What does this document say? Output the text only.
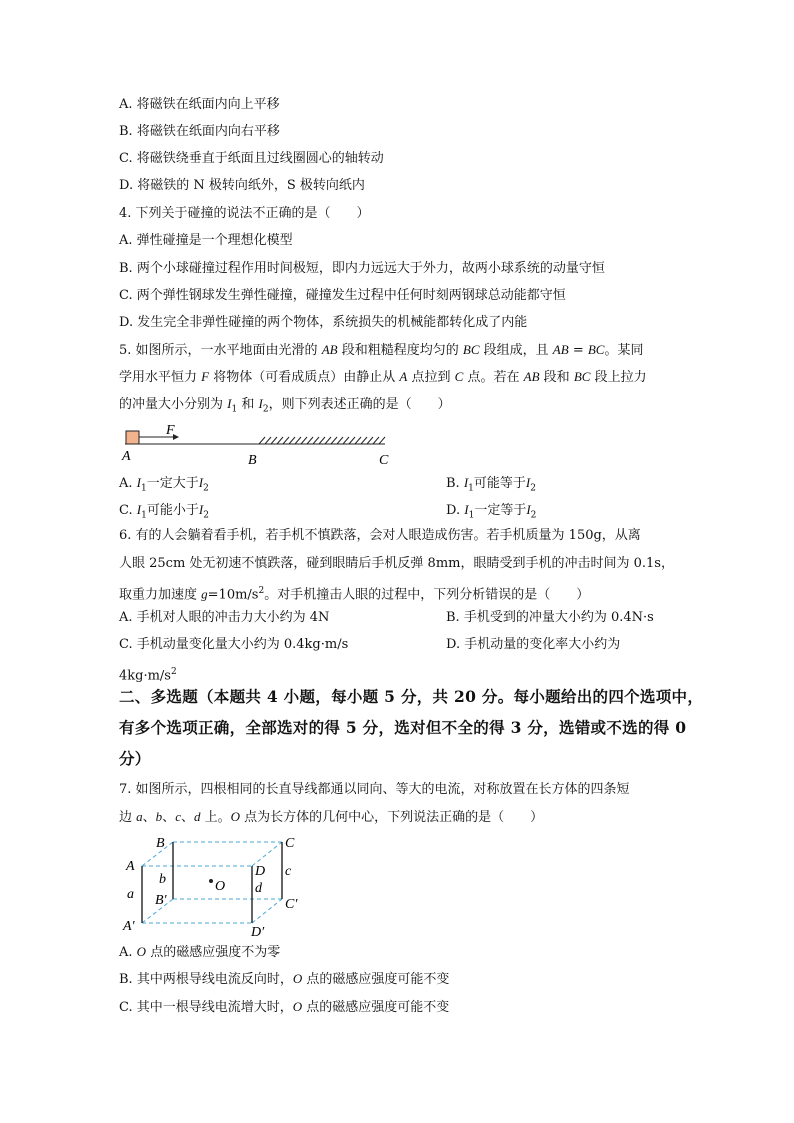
A. 将磁铁在纸面内向上平移
B. 将磁铁在纸面内向右平移
C. 将磁铁绕垂直于纸面且过线圈圆心的轴转动
D. 将磁铁的 N 极转向纸外，S 极转向纸内
4. 下列关于碰撞的说法不正确的是（　　）
A. 弹性碰撞是一个理想化模型
B. 两个小球碰撞过程作用时间极短，即内力远远大于外力，故两小球系统的动量守恒
C. 两个弹性钢球发生弹性碰撞，碰撞发生过程中任何时刻两钢球总动能都守恒
D. 发生完全非弹性碰撞的两个物体，系统损失的机械能都转化成了内能
5. 如图所示，一水平地面由光滑的 AB 段和粗糙程度均匀的 BC 段组成，且 AB = BC。某同
学用水平恒力 F 将物体（可看成质点）由静止从 A 点拉到 C 点。若在 AB 段和 BC 段上拉力
的冲量大小分别为 $I_1$ 和 $I_2$，则下列表述正确的是（　　）
F
A	B	C
A. $I_1$一定大于$I_2$	B. $I_1$可能等于$I_2$
C. $I_1$可能小于$I_2$	D. $I_1$一定等于$I_2$
6. 有的人会躺着看手机，若手机不慎跌落，会对人眼造成伤害。若手机质量为 150g，从离
人眼 25cm 处无初速不慎跌落，碰到眼睛后手机反弹 8mm，眼睛受到手机的冲击时间为 0.1s，
取重力加速度 $g=10m/s^2$。对手机撞击人眼的过程中，下列分析错误的是（　　）
A. 手机对人眼的冲击力大小约为 4N	B. 手机受到的冲量大小约为 0.4N·s
C. 手机动量变化量大小约为 0.4kg·m/s	D. 手机动量的变化率大小约为
$4kg\cdot m/s^2$
二、多选题（本题共 4 小题，每小题 5 分，共 20 分。每小题给出的四个选项中，
有多个选项正确，全部选对的得 5 分，选对但不全的得 3 分，选错或不选的得 0
分）
7. 如图所示，四根相同的长直导线都通以同向、等大的电流，对称放置在长方体的四条短
边 a、b、c、d 上。O 点为长方体的几何中心，下列说法正确的是（　　）
O
A
B	C
D
A′
B′	C′
D′
a
b
c
d
A. O 点的磁感应强度不为零
B. 其中两根导线电流反向时，O 点的磁感应强度可能不变
C. 其中一根导线电流增大时，O 点的磁感应强度可能不变
